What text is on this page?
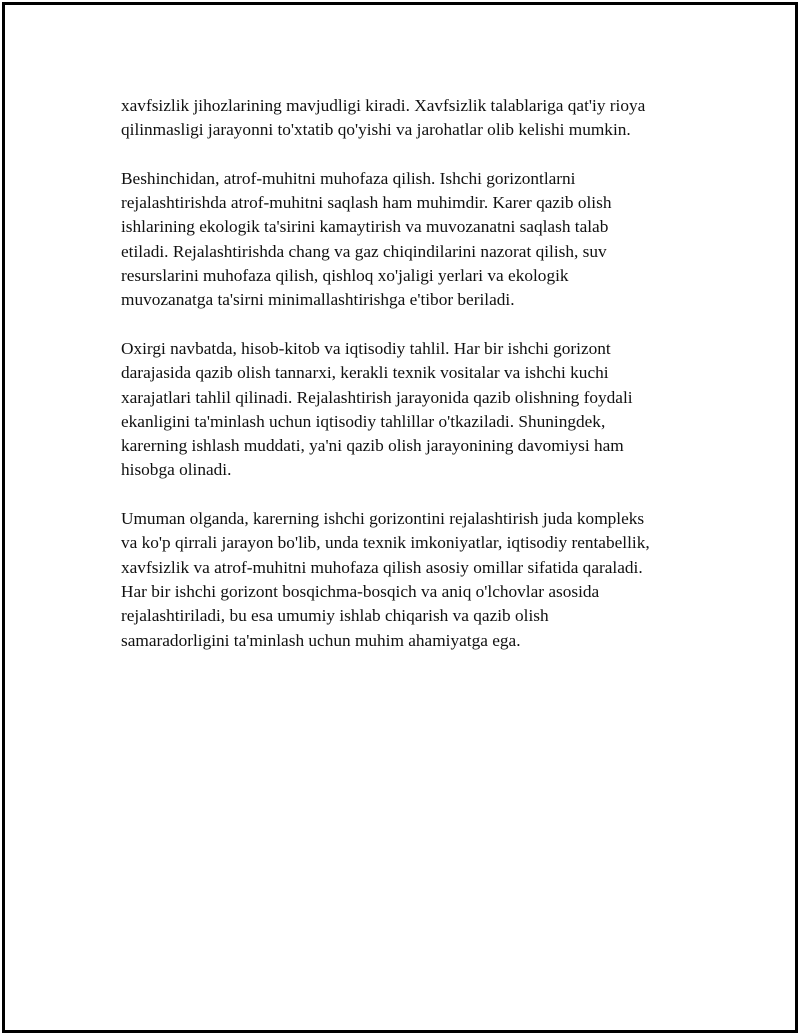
xavfsizlik jihozlarining mavjudligi kiradi. Xavfsizlik talablariga qat'iy rioya
qilinmasligi jarayonni to'xtatib qo'yishi va jarohatlar olib kelishi mumkin.

Beshinchidan, atrof-muhitni muhofaza qilish. Ishchi gorizontlarni
rejalashtirishda atrof-muhitni saqlash ham muhimdir. Karer qazib olish
ishlarining ekologik ta'sirini kamaytirish va muvozanatni saqlash talab
etiladi. Rejalashtirishda chang va gaz chiqindilarini nazorat qilish, suv
resurslarini muhofaza qilish, qishloq xo'jaligi yerlari va ekologik
muvozanatga ta'sirni minimallashtirishga e'tibor beriladi.

Oxirgi navbatda, hisob-kitob va iqtisodiy tahlil. Har bir ishchi gorizont
darajasida qazib olish tannarxi, kerakli texnik vositalar va ishchi kuchi
xarajatlari tahlil qilinadi. Rejalashtirish jarayonida qazib olishning foydali
ekanligini ta'minlash uchun iqtisodiy tahlillar o'tkaziladi. Shuningdek,
karerning ishlash muddati, ya'ni qazib olish jarayonining davomiysi ham
hisobga olinadi.

Umuman olganda, karerning ishchi gorizontini rejalashtirish juda kompleks
va ko'p qirrali jarayon bo'lib, unda texnik imkoniyatlar, iqtisodiy rentabellik,
xavfsizlik va atrof-muhitni muhofaza qilish asosiy omillar sifatida qaraladi.
Har bir ishchi gorizont bosqichma-bosqich va aniq o'lchovlar asosida
rejalashtiriladi, bu esa umumiy ishlab chiqarish va qazib olish
samaradorligini ta'minlash uchun muhim ahamiyatga ega.
